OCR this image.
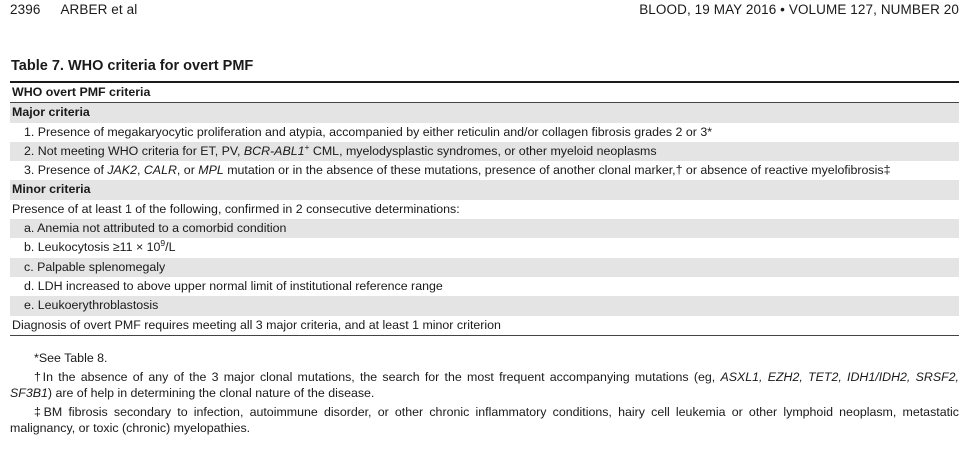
2396 ARBER et al	BLOOD, 19 MAY 2016 • VOLUME 127, NUMBER 20
Table 7. WHO criteria for overt PMF
WHO overt PMF criteria
Major criteria
1. Presence of megakaryocytic proliferation and atypia, accompanied by either reticulin and/or collagen fibrosis grades 2 or 3*
2. Not meeting WHO criteria for ET, PV, BCR-ABL1+ CML, myelodysplastic syndromes, or other myeloid neoplasms
3. Presence of JAK2, CALR, or MPL mutation or in the absence of these mutations, presence of another clonal marker,† or absence of reactive myelofibrosis‡
Minor criteria
Presence of at least 1 of the following, confirmed in 2 consecutive determinations:
a. Anemia not attributed to a comorbid condition
b. Leukocytosis $\ge 11 \times 10^9/L$
c. Palpable splenomegaly
d. LDH increased to above upper normal limit of institutional reference range
e. Leukoerythroblastosis
Diagnosis of overt PMF requires meeting all 3 major criteria, and at least 1 minor criterion

*See Table 8.

†In the absence of any of the 3 major clonal mutations, the search for the most frequent accompanying mutations (eg, ASXL1, EZH2, TET2, IDH1/IDH2, SRSF2, SF3B1) are of help in determining the clonal nature of the disease.

‡BM fibrosis secondary to infection, autoimmune disorder, or other chronic inflammatory conditions, hairy cell leukemia or other lymphoid neoplasm, metastatic malignancy, or toxic (chronic) myelopathies.
